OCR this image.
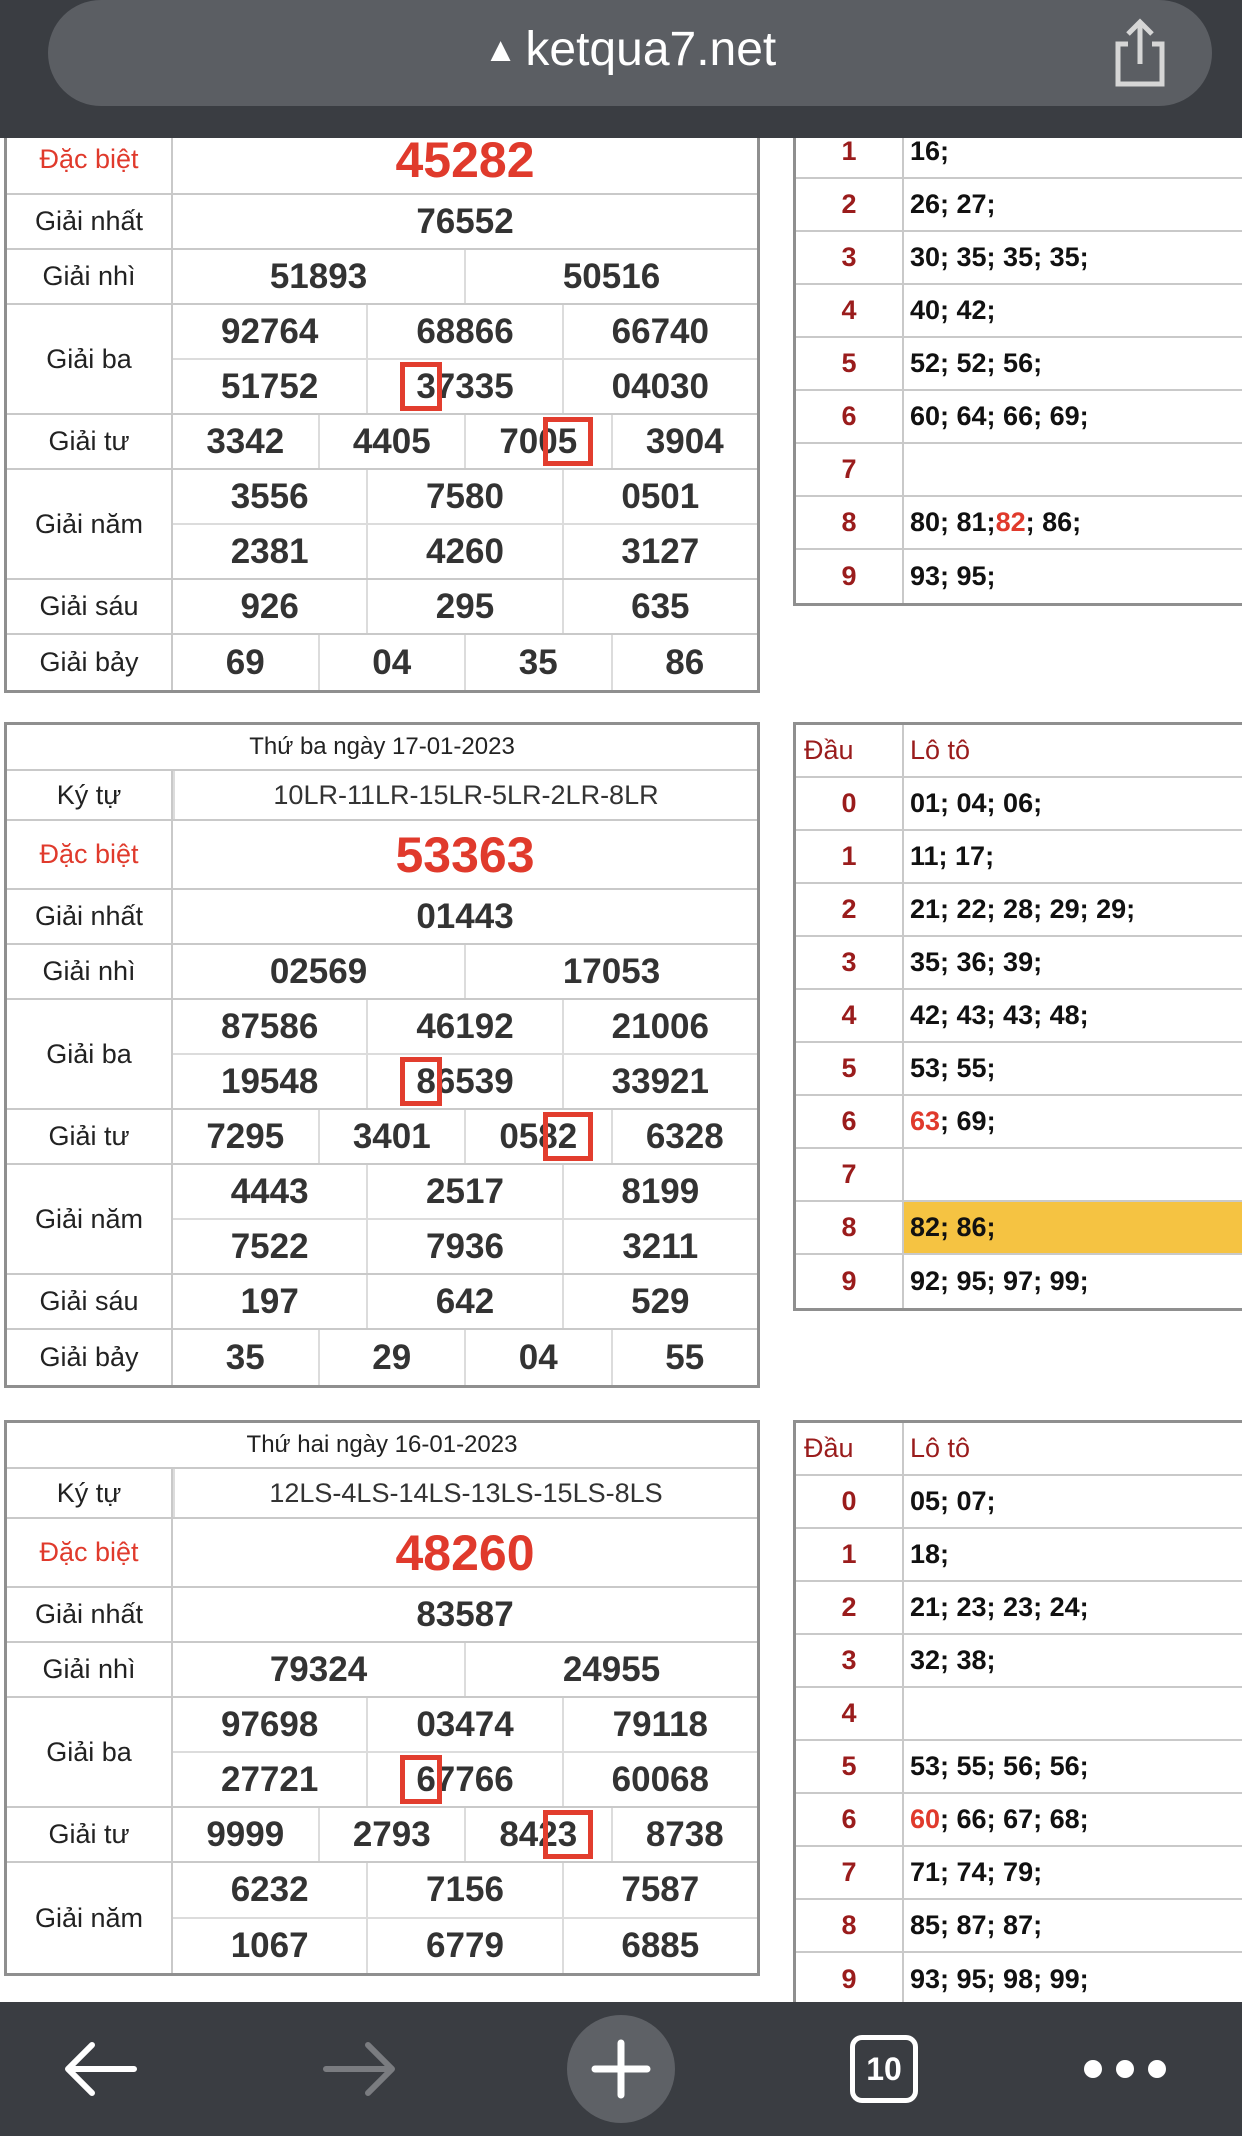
▲ ketqua7.net
Đặc biệt	45282
Giải nhất	76552
Giải nhì	51893	50516
Giải ba
92764	68866	66740
51752	37335	04030
Giải tư	3342	4405	7005	3904
Giải năm
3556	7580	0501
2381	4260	3127
Giải sáu	926	295	635
Giải bảy	69	04	35	86
1	16;
2	26; 27;
3	30; 35; 35; 35;
4	40; 42;
5	52; 52; 56;
6	60; 64; 66; 69;
7
8	80; 81; 82 ; 86;
9	93; 95;
Thứ ba ngày 17-01-2023
Ký tự	10LR-11LR-15LR-5LR-2LR-8LR
Đặc biệt	53363
Giải nhất	01443
Giải nhì	02569	17053
Giải ba
87586	46192	21006
19548	86539	33921
Giải tư	7295	3401	0582	6328
Giải năm
4443	2517	8199
7522	7936	3211
Giải sáu	197	642	529
Giải bảy	35	29	04	55
Đầu	Lô tô
0	01; 04; 06;
1	11; 17;
2	21; 22; 28; 29; 29;
3	35; 36; 39;
4	42; 43; 43; 48;
5	53; 55;
6	63 ; 69;
7
8	82; 86;
9	92; 95; 97; 99;
Thứ hai ngày 16-01-2023
Ký tự	12LS-4LS-14LS-13LS-15LS-8LS
Đặc biệt	48260
Giải nhất	83587
Giải nhì	79324	24955
Giải ba
97698	03474	79118
27721	67766	60068
Giải tư	9999	2793	8423	8738
Giải năm
6232	7156	7587
1067	6779	6885
Đầu	Lô tô
0	05; 07;
1	18;
2	21; 23; 23; 24;
3	32; 38;
4
5	53; 55; 56; 56;
6	60 ; 66; 67; 68;
7	71; 74; 79;
8	85; 87; 87;
9	93; 95; 98; 99;
10
